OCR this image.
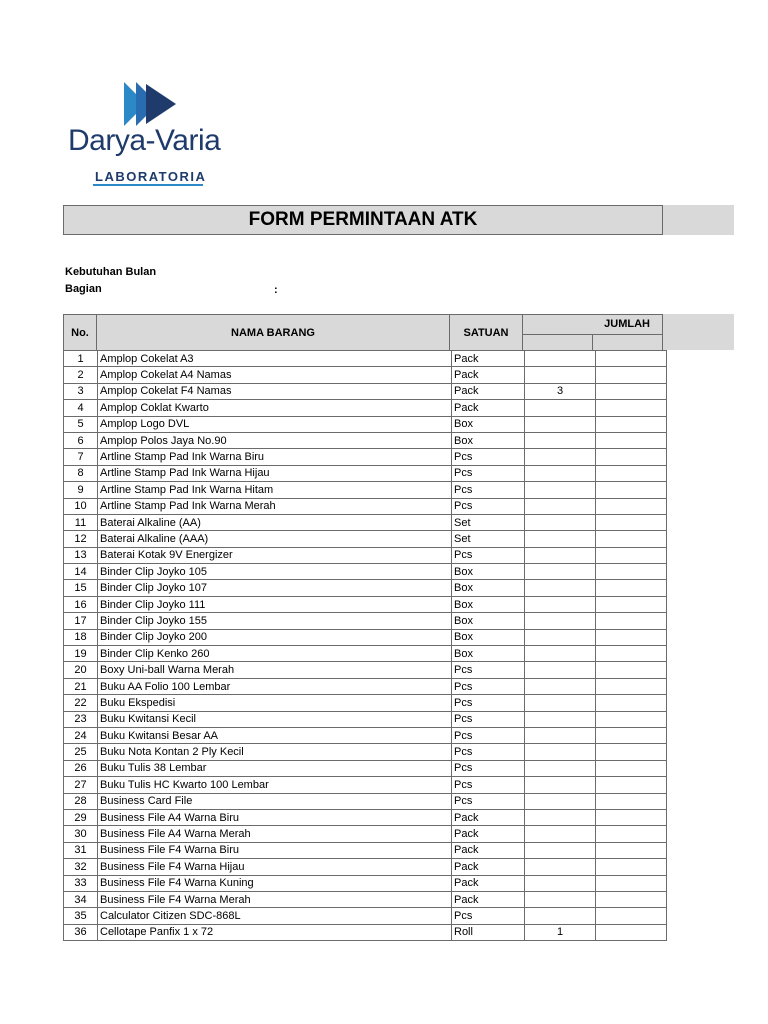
Darya-Varia
LABORATORIA
FORM PERMINTAAN ATK
Kebutuhan Bulan
Bagian	:
No.	NAMA BARANG	SATUAN
JUMLAH
1	Amplop Cokelat A3	Pack		
2	Amplop Cokelat A4 Namas	Pack		
3	Amplop Cokelat F4 Namas	Pack	3	
4	Amplop Coklat Kwarto	Pack		
5	Amplop Logo DVL	Box		
6	Amplop Polos Jaya No.90	Box		
7	Artline Stamp Pad Ink Warna Biru	Pcs		
8	Artline Stamp Pad Ink Warna Hijau	Pcs		
9	Artline Stamp Pad Ink Warna Hitam	Pcs		
10	Artline Stamp Pad Ink Warna Merah	Pcs		
11	Baterai Alkaline (AA)	Set		
12	Baterai Alkaline (AAA)	Set		
13	Baterai Kotak 9V Energizer	Pcs		
14	Binder Clip Joyko 105	Box		
15	Binder Clip Joyko 107	Box		
16	Binder Clip Joyko 111	Box		
17	Binder Clip Joyko 155	Box		
18	Binder Clip Joyko 200	Box		
19	Binder Clip Kenko 260	Box		
20	Boxy Uni-ball Warna Merah	Pcs		
21	Buku AA Folio 100 Lembar	Pcs		
22	Buku Ekspedisi	Pcs		
23	Buku Kwitansi Kecil	Pcs		
24	Buku Kwitansi Besar AA	Pcs		
25	Buku Nota Kontan 2 Ply Kecil	Pcs		
26	Buku Tulis 38 Lembar	Pcs		
27	Buku Tulis HC Kwarto 100 Lembar	Pcs		
28	Business Card File	Pcs		
29	Business File A4 Warna Biru	Pack		
30	Business File A4 Warna Merah	Pack		
31	Business File F4 Warna Biru	Pack		
32	Business File F4 Warna Hijau	Pack		
33	Business File F4 Warna Kuning	Pack		
34	Business File F4 Warna Merah	Pack		
35	Calculator Citizen SDC-868L	Pcs		
36	Cellotape Panfix 1 x 72	Roll	1	
